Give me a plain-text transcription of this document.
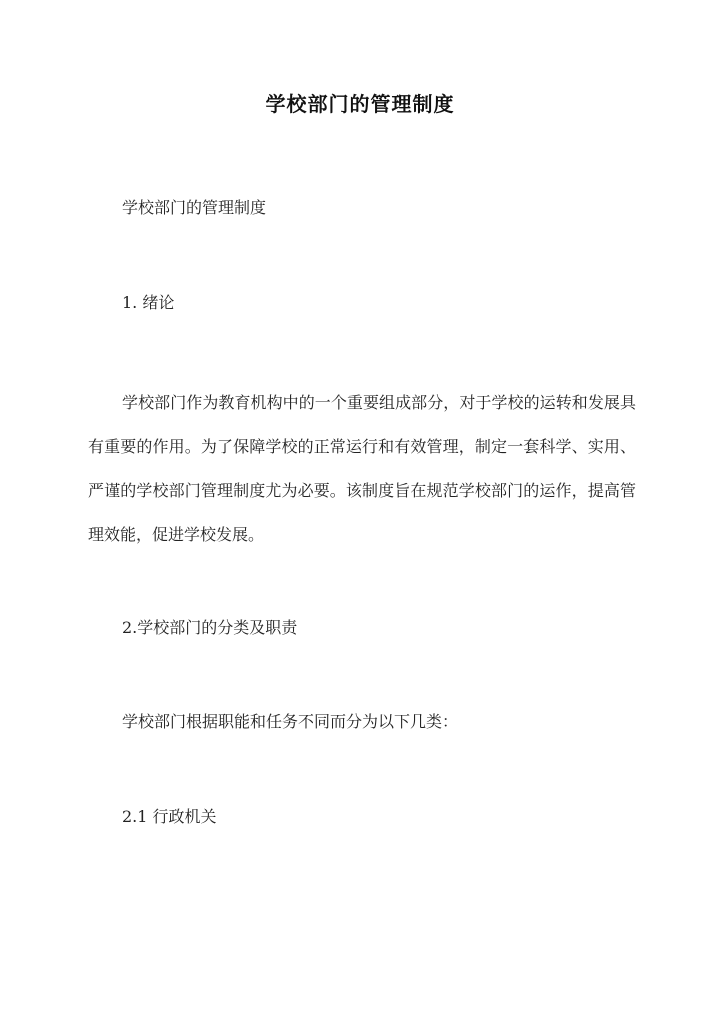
学校部门的管理制度

学校部门的管理制度

1. 绪论

学校部门作为教育机构中的一个重要组成部分，对于学校的运转和发展具有重要的作用。为了保障学校的正常运行和有效管理，制定一套科学、实用、严谨的学校部门管理制度尤为必要。该制度旨在规范学校部门的运作，提高管理效能，促进学校发展。

2.学校部门的分类及职责

学校部门根据职能和任务不同而分为以下几类：

2.1 行政机关
